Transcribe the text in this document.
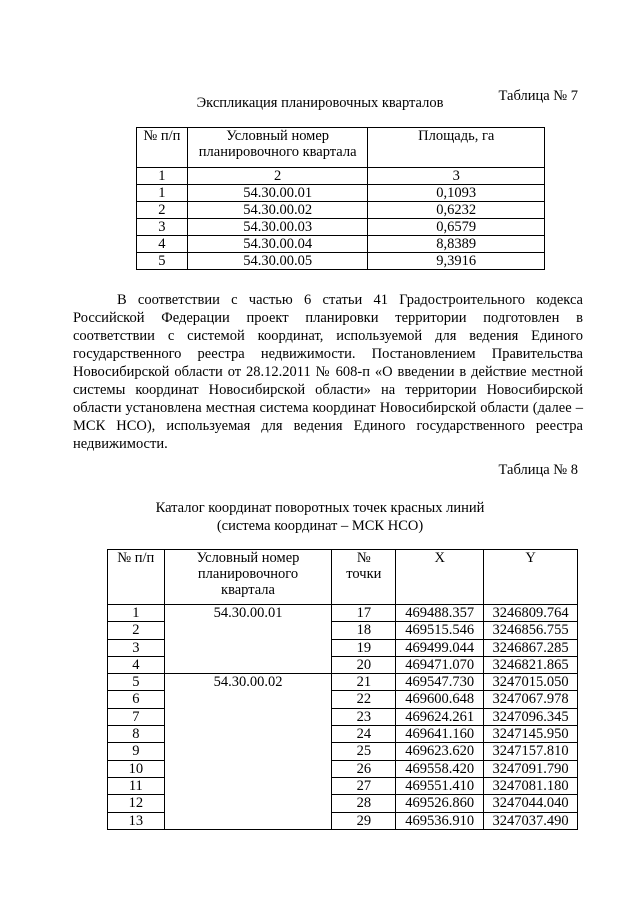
Таблица № 7
Экспликация планировочных кварталов
№ п/п	Условный номер планировочного квартала	Площадь, га
1	2	3
1	54.30.00.01	0,1093
2	54.30.00.02	0,6232
3	54.30.00.03	0,6579
4	54.30.00.04	8,8389
5	54.30.00.05	9,3916
В соответствии с частью 6 статьи 41 Градостроительного кодекса
Российской Федерации проект планировки территории подготовлен в
соответствии с системой координат, используемой для ведения Единого
государственного реестра недвижимости. Постановлением Правительства
Новосибирской области от 28.12.2011 № 608-п «О введении в действие местной
системы координат Новосибирской области» на территории Новосибирской
области установлена местная система координат Новосибирской области (далее –
МСК НСО), используемая для ведения Единого государственного реестра
недвижимости.
Таблица № 8
Каталог координат поворотных точек красных линий
(система координат – МСК НСО)
№ п/п	Условный номер планировочного квартала	№ точки	X	Y
1	54.30.00.01	17	469488.357	3246809.764
2		18	469515.546	3246856.755
3		19	469499.044	3246867.285
4		20	469471.070	3246821.865
5	54.30.00.02	21	469547.730	3247015.050
6		22	469600.648	3247067.978
7		23	469624.261	3247096.345
8		24	469641.160	3247145.950
9		25	469623.620	3247157.810
10		26	469558.420	3247091.790
11		27	469551.410	3247081.180
12		28	469526.860	3247044.040
13		29	469536.910	3247037.490
